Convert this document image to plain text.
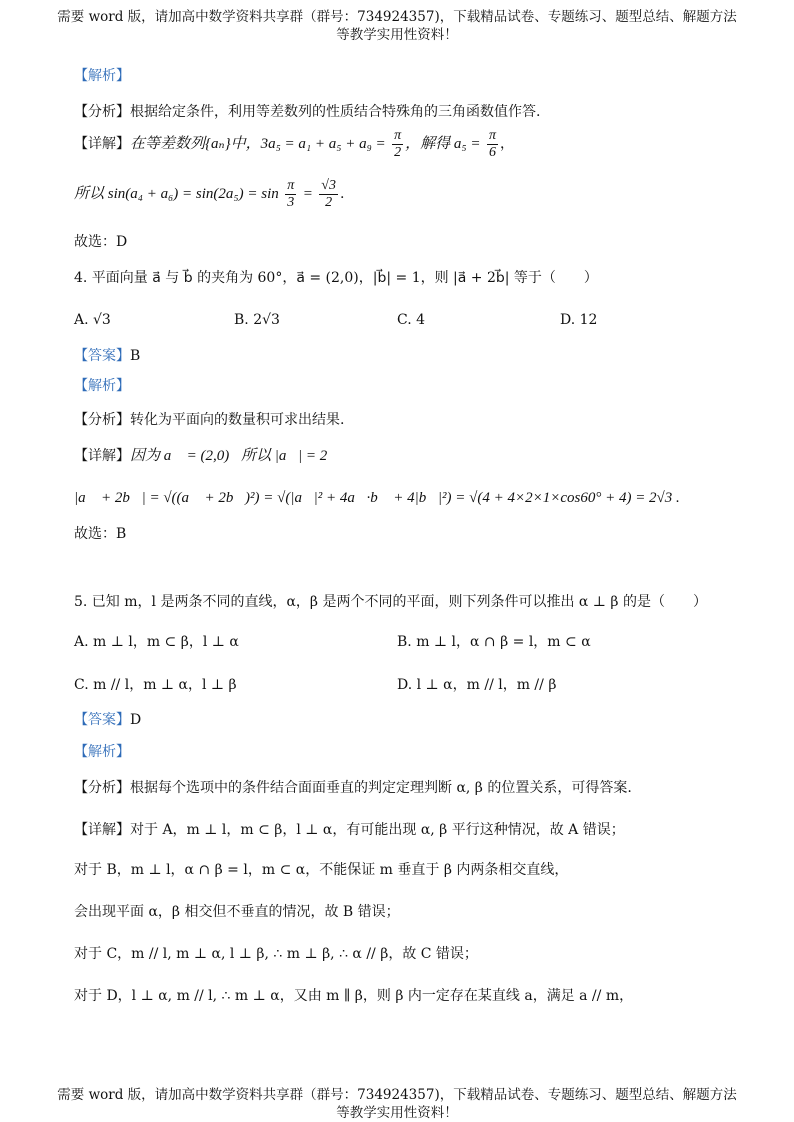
需要 word 版，请加高中数学资料共享群（群号：734924357)，下载精品试卷、专题练习、题型总结、解题方法
等教学实用性资料！
【解析】
【分析】根据给定条件，利用等差数列的性质结合特殊角的三角函数值作答.
【详解】在等差数列{aₙ}中，$3a_5 = a_1 + a_5 + a_9 = \frac{\pi}{2}$ ，解得 $a_5 = \frac{\pi}{6}$ ，
所以 $\sin(a_4 + a_6) = \sin(2a_5) = \sin \frac{\pi}{3} = \frac{√3}{2}$ .
故选：D
4. 平面向量 a⃗ 与 b⃗ 的夹角为 60°，a⃗ = (2,0)，|b⃗| = 1，则 |a⃗ + 2b⃗| 等于（　　）
A. √3	B. 2√3	C. 4	D. 12
【答案】B
【解析】
【分析】转化为平面向的数量积可求出结果.
【详解】因为 a⃗ = (2,0)，所以 |a⃗| = 2，
|a⃗ + 2b⃗| = √((a⃗ + 2b⃗)²) = √(|a⃗|² + 4a⃗·b⃗ + 4|b⃗|²) = √(4 + 4×2×1×cos60° + 4) = 2√3 .
故选：B
5. 已知 m，l 是两条不同的直线，α，β 是两个不同的平面，则下列条件可以推出 α ⊥ β 的是（　　）
A. m ⊥ l，m ⊂ β，l ⊥ α	B. m ⊥ l，α ∩ β = l，m ⊂ α
C. m // l，m ⊥ α，l ⊥ β	D. l ⊥ α，m // l，m // β
【答案】D
【解析】
【分析】根据每个选项中的条件结合面面垂直的判定定理判断 α, β 的位置关系，可得答案.
【详解】对于 A，m ⊥ l，m ⊂ β，l ⊥ α，有可能出现 α, β 平行这种情况，故 A 错误；
对于 B，m ⊥ l，α ∩ β = l，m ⊂ α，不能保证 m 垂直于 β 内两条相交直线，
会出现平面 α，β 相交但不垂直的情况，故 B 错误；
对于 C，m // l, m ⊥ α, l ⊥ β, ∴ m ⊥ β, ∴ α // β，故 C 错误；
对于 D，l ⊥ α, m // l, ∴ m ⊥ α，又由 m ∥ β，则 β 内一定存在某直线 a，满足 a // m，
需要 word 版，请加高中数学资料共享群（群号：734924357)，下载精品试卷、专题练习、题型总结、解题方法
等教学实用性资料！
